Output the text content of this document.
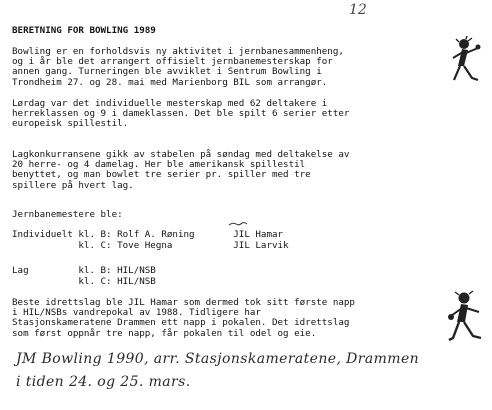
12
BERETNING FOR BOWLING 1989
Bowling er en forholdsvis ny aktivitet i jernbanesammenheng,
og i år ble det arrangert offisielt jernbanemesterskap for
annen gang. Turneringen ble avviklet i Sentrum Bowling i
Trondheim 27. og 28. mai med Marienborg BIL som arrangør.
Lørdag var det individuelle mesterskap med 62 deltakere i
herreklassen og 9 i dameklassen. Det ble spilt 6 serier etter
europeisk spillestil.
Lagkonkurransene gikk av stabelen på søndag med deltakelse av
20 herre- og 4 damelag. Her ble amerikansk spillestil
benyttet, og man bowlet tre serier pr. spiller med tre
spillere på hvert lag.
Jernbanemestere ble:
Individuelt kl. B: Rolf A. Røning       JIL Hamar
kl. C: Tove Hegna           JIL Larvik
Lag         kl. B: HIL/NSB
kl. C: HIL/NSB
Beste idrettslag ble JIL Hamar som dermed tok sitt første napp
i HIL/NSBs vandrepokal av 1988. Tidligere har
Stasjonskameratene Drammen ett napp i pokalen. Det idrettslag
som først oppnår tre napp, får pokalen til odel og eie.
JM Bowling 1990, arr. Stasjonskameratene, Drammen
i tiden 24. og 25. mars.
